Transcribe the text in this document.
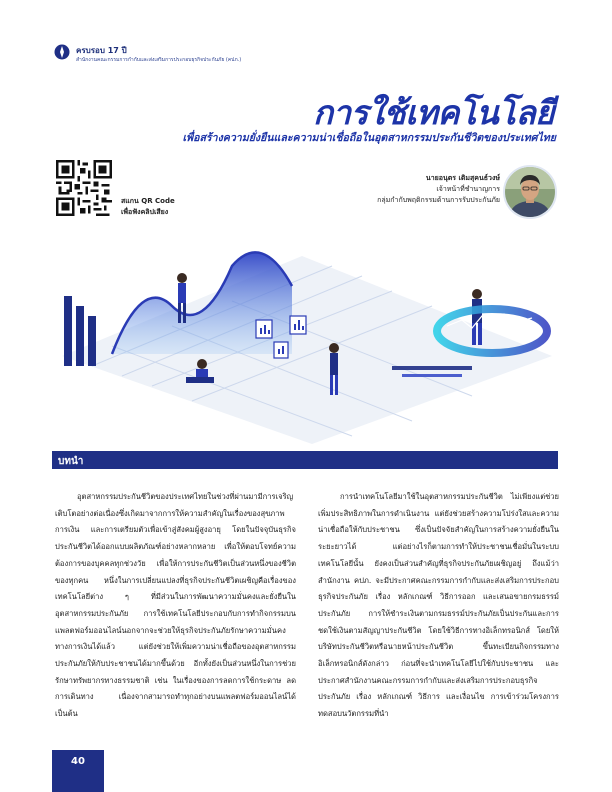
ครบรอบ 17 ปี
สำนักงานคณะกรรมการกำกับและส่งเสริมการประกอบธุรกิจประกันภัย (คปภ.)
การใช้เทคโนโลยี
เพื่อสร้างความยั่งยืนและความน่าเชื่อถือในอุตสาหกรรมประกันชีวิตของประเทศไทย
สแกน QR Code
เพื่อฟังคลิปเสียง
นายอนุตร เติมสุคนธ์วงษ์
เจ้าหน้าที่ชำนาญการ
กลุ่มกำกับพฤติกรรมด้านการรับประกันภัย
บทนำ

อุตสาหกรรมประกันชีวิตของประเทศไทยในช่วงที่ผ่านมามีการเจริญเติบโตอย่างต่อเนื่องซึ่งเกิดมาจากการให้ความสำคัญในเรื่องของสุขภาพ การเงิน และการเตรียมตัวเพื่อเข้าสู่สังคมผู้สูงอายุ โดยในปัจจุบันธุรกิจประกันชีวิตได้ออกแบบผลิตภัณฑ์อย่างหลากหลาย เพื่อให้ตอบโจทย์ความต้องการของบุคคลทุกช่วงวัย เพื่อให้การประกันชีวิตเป็นส่วนหนึ่งของชีวิตของทุกคน หนึ่งในการเปลี่ยนแปลงที่ธุรกิจประกันชีวิตเผชิญคือเรื่องของเทคโนโลยีต่าง ๆ ที่มีส่วนในการพัฒนาความมั่นคงและยั่งยืนในอุตสาหกรรมประกันภัย การใช้เทคโนโลยีประกอบกับการทำกิจกรรมบนแพลตฟอร์มออนไลน์นอกจากจะช่วยให้ธุรกิจประกันภัยรักษาความมั่นคงทางการเงินได้แล้ว แต่ยังช่วยให้เพิ่มความน่าเชื่อถือของอุตสาหกรรมประกันภัยให้กับประชาชนได้มากขึ้นด้วย อีกทั้งยังเป็นส่วนหนึ่งในการช่วยรักษาทรัพยากรทางธรรมชาติ เช่น ในเรื่องของการลดการใช้กระดาษ ลดการเดินทาง เนื่องจากสามารถทำทุกอย่างบนแพลตฟอร์มออนไลน์ได้ เป็นต้น

การนำเทคโนโลยีมาใช้ในอุตสาหกรรมประกันชีวิต ไม่เพียงแต่ช่วยเพิ่มประสิทธิภาพในการดำเนินงาน แต่ยังช่วยสร้างความโปร่งใสและความน่าเชื่อถือให้กับประชาชน ซึ่งเป็นปัจจัยสำคัญในการสร้างความยั่งยืนในระยะยาวได้ แต่อย่างไรก็ตามการทำให้ประชาชนเชื่อมั่นในระบบเทคโนโลยีนั้น ยังคงเป็นส่วนสำคัญที่ธุรกิจประกันภัยเผชิญอยู่ ถึงแม้ว่าสำนักงาน คปภ. จะมีประกาศคณะกรรมการกำกับและส่งเสริมการประกอบธุรกิจประกันภัย เรื่อง หลักเกณฑ์ วิธีการออก และเสนอขายกรมธรรม์ประกันภัย การให้ชำระเงินตามกรมธรรม์ประกันภัยเป็นประกันและการชดใช้เงินตามสัญญาประกันชีวิต โดยใช้วิธีการทางอิเล็กทรอนิกส์ โดยให้บริษัทประกันชีวิตหรือนายหน้าประกันชีวิต ขึ้นทะเบียนกิจกรรมทางอิเล็กทรอนิกส์ดังกล่าว ก่อนที่จะนำเทคโนโลยีไปใช้กับประชาชน และประกาศสำนักงานคณะกรรมการกำกับและส่งเสริมการประกอบธุรกิจประกันภัย เรื่อง หลักเกณฑ์ วิธีการ และเงื่อนไข การเข้าร่วมโครงการทดสอบนวัตกรรมที่นำ

40
